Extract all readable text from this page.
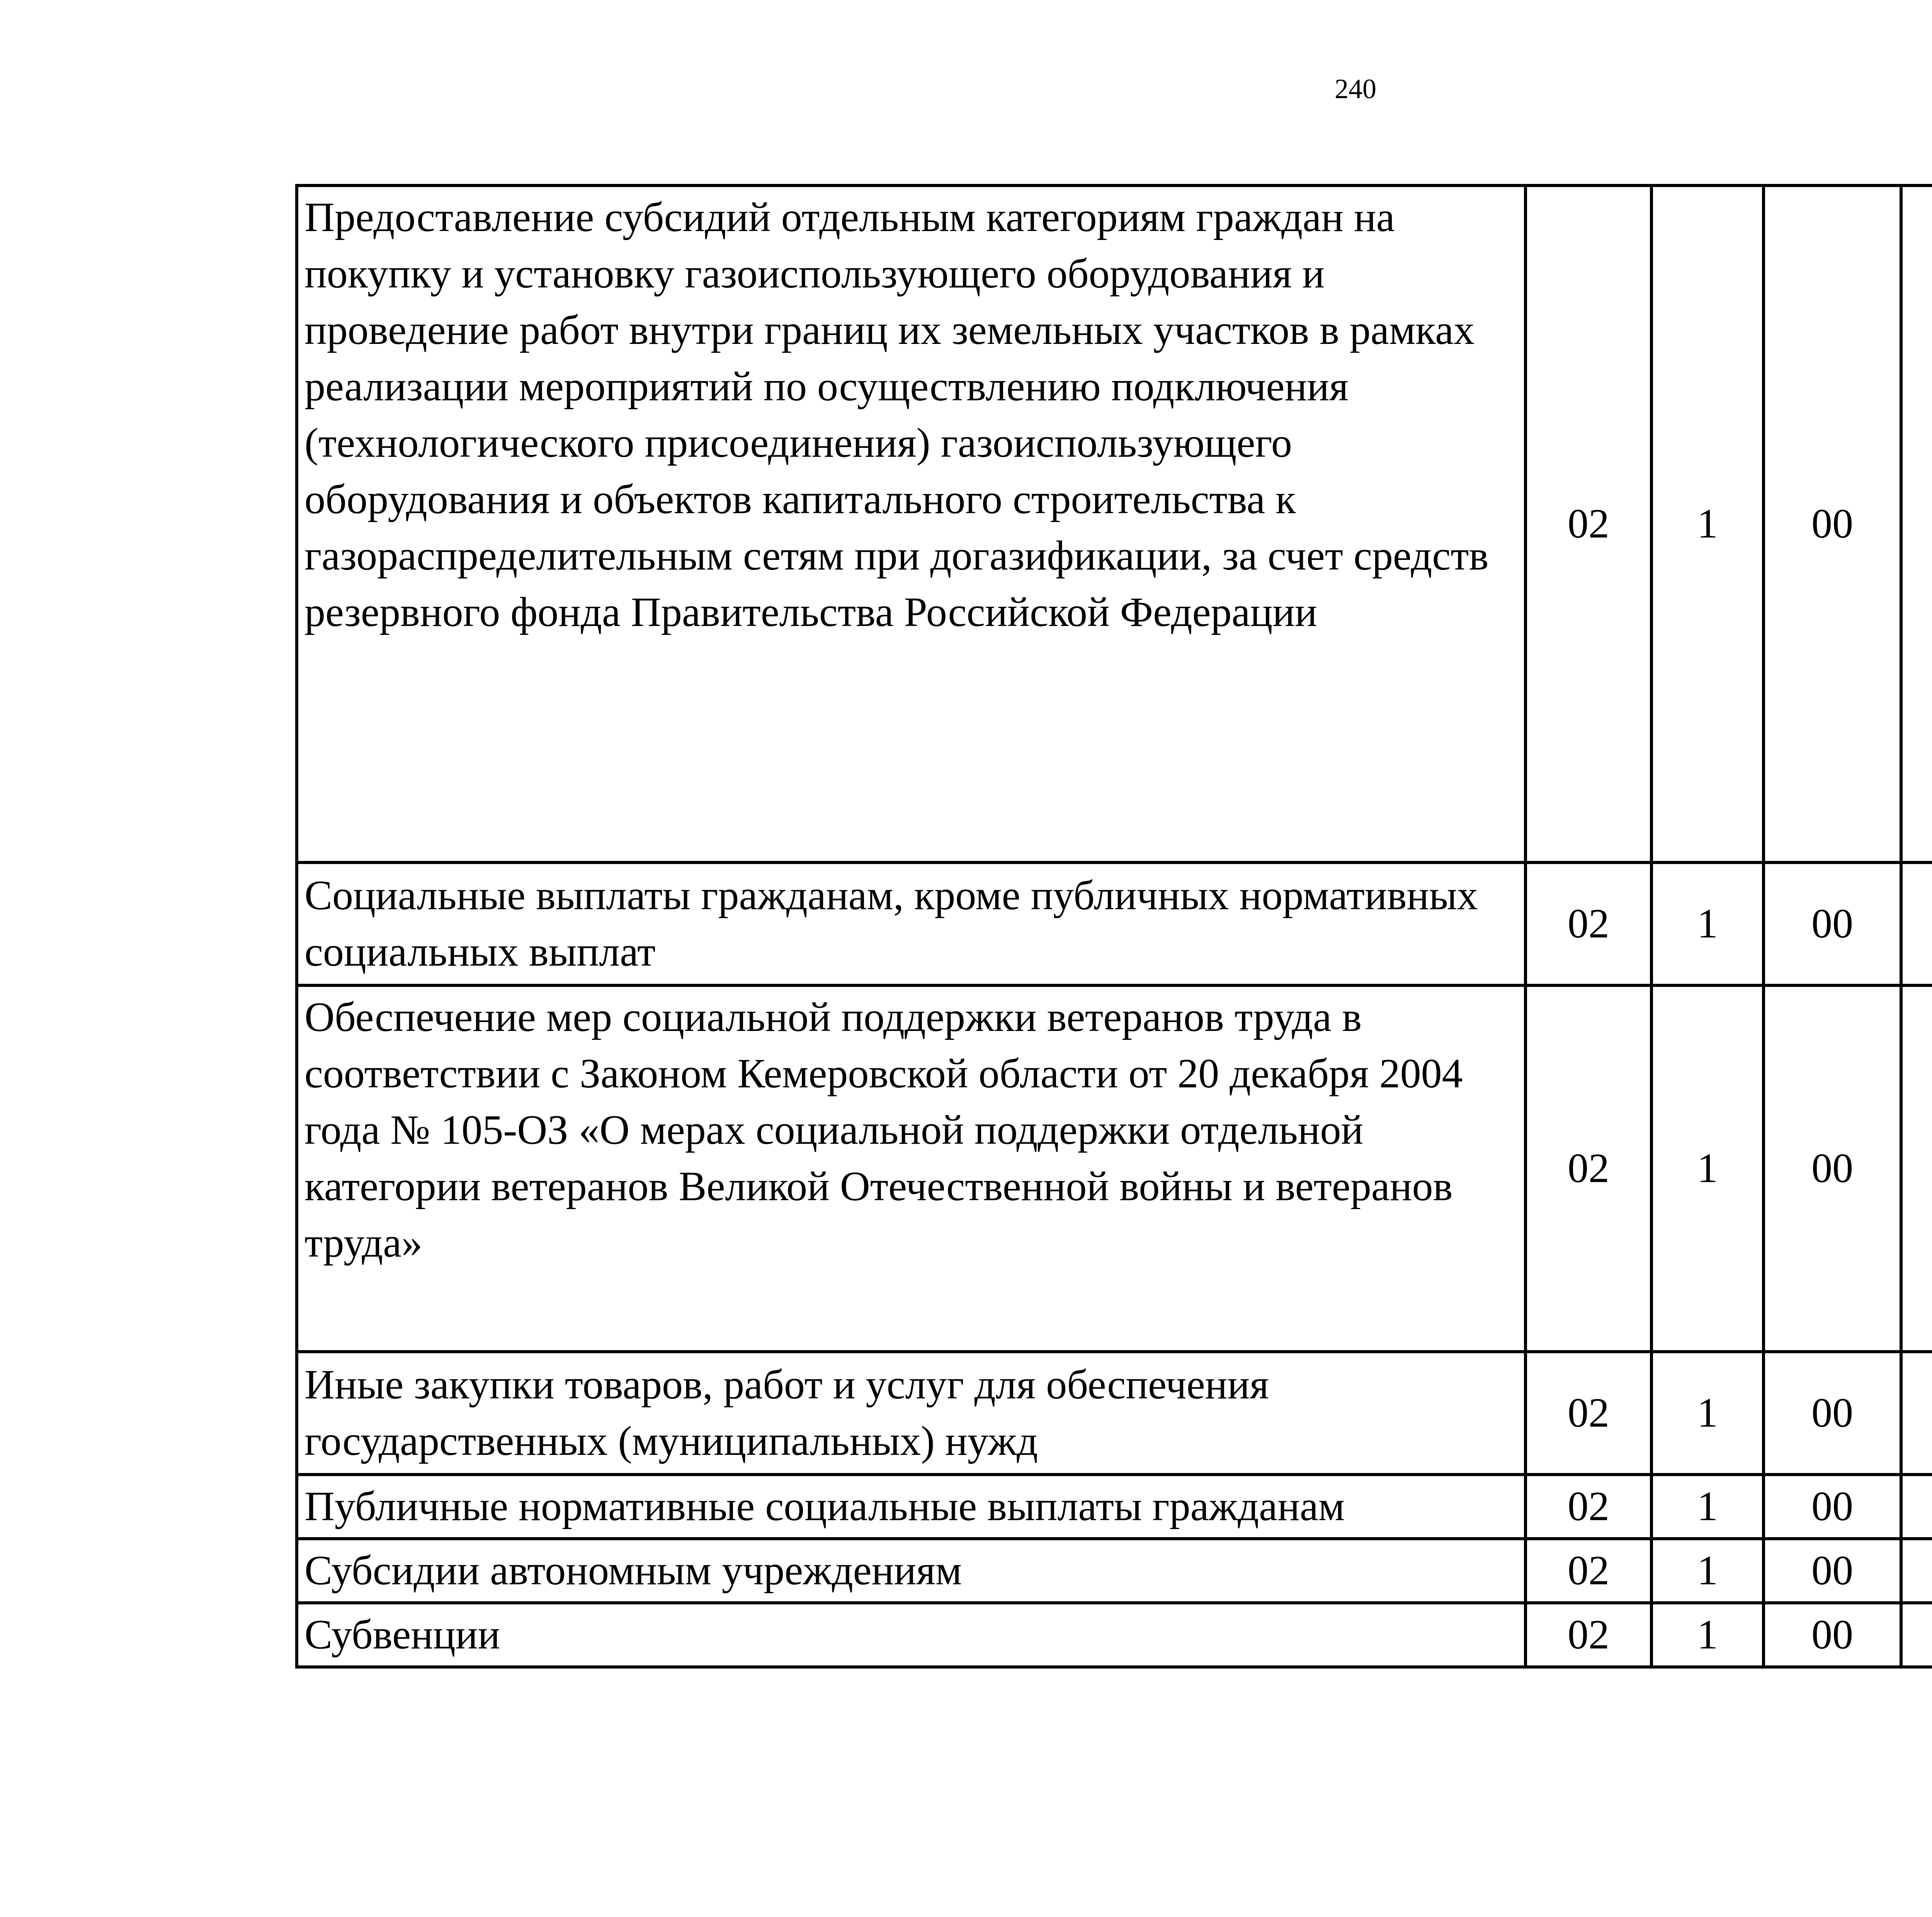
240
Предоставление субсидий отдельным категориям граждан на покупку и установку газоиспользующего оборудования и проведение работ внутри границ их земельных участков в рамках реализации мероприятий по осуществлению подключения (технологического присоединения) газоиспользующего оборудования и объектов капитального строительства к газораспределительным сетям при догазификации, за счет средств резервного фонда Правительства Российской Федерации	02	1	00			
Социальные выплаты гражданам, кроме публичных нормативных социальных выплат	02	1	00			
Обеспечение мер социальной поддержки ветеранов труда в соответствии с Законом Кемеровской области от 20 декабря 2004 года № 105-ОЗ «О мерах социальной поддержки отдельной категории ветеранов Великой Отечественной войны и ветеранов труда»	02	1	00			
Иные закупки товаров, работ и услуг для обеспечения государственных (муниципальных) нужд	02	1	00			
Публичные нормативные социальные выплаты гражданам	02	1	00			
Субсидии автономным учреждениям	02	1	00			
Субвенции	02	1	00			
